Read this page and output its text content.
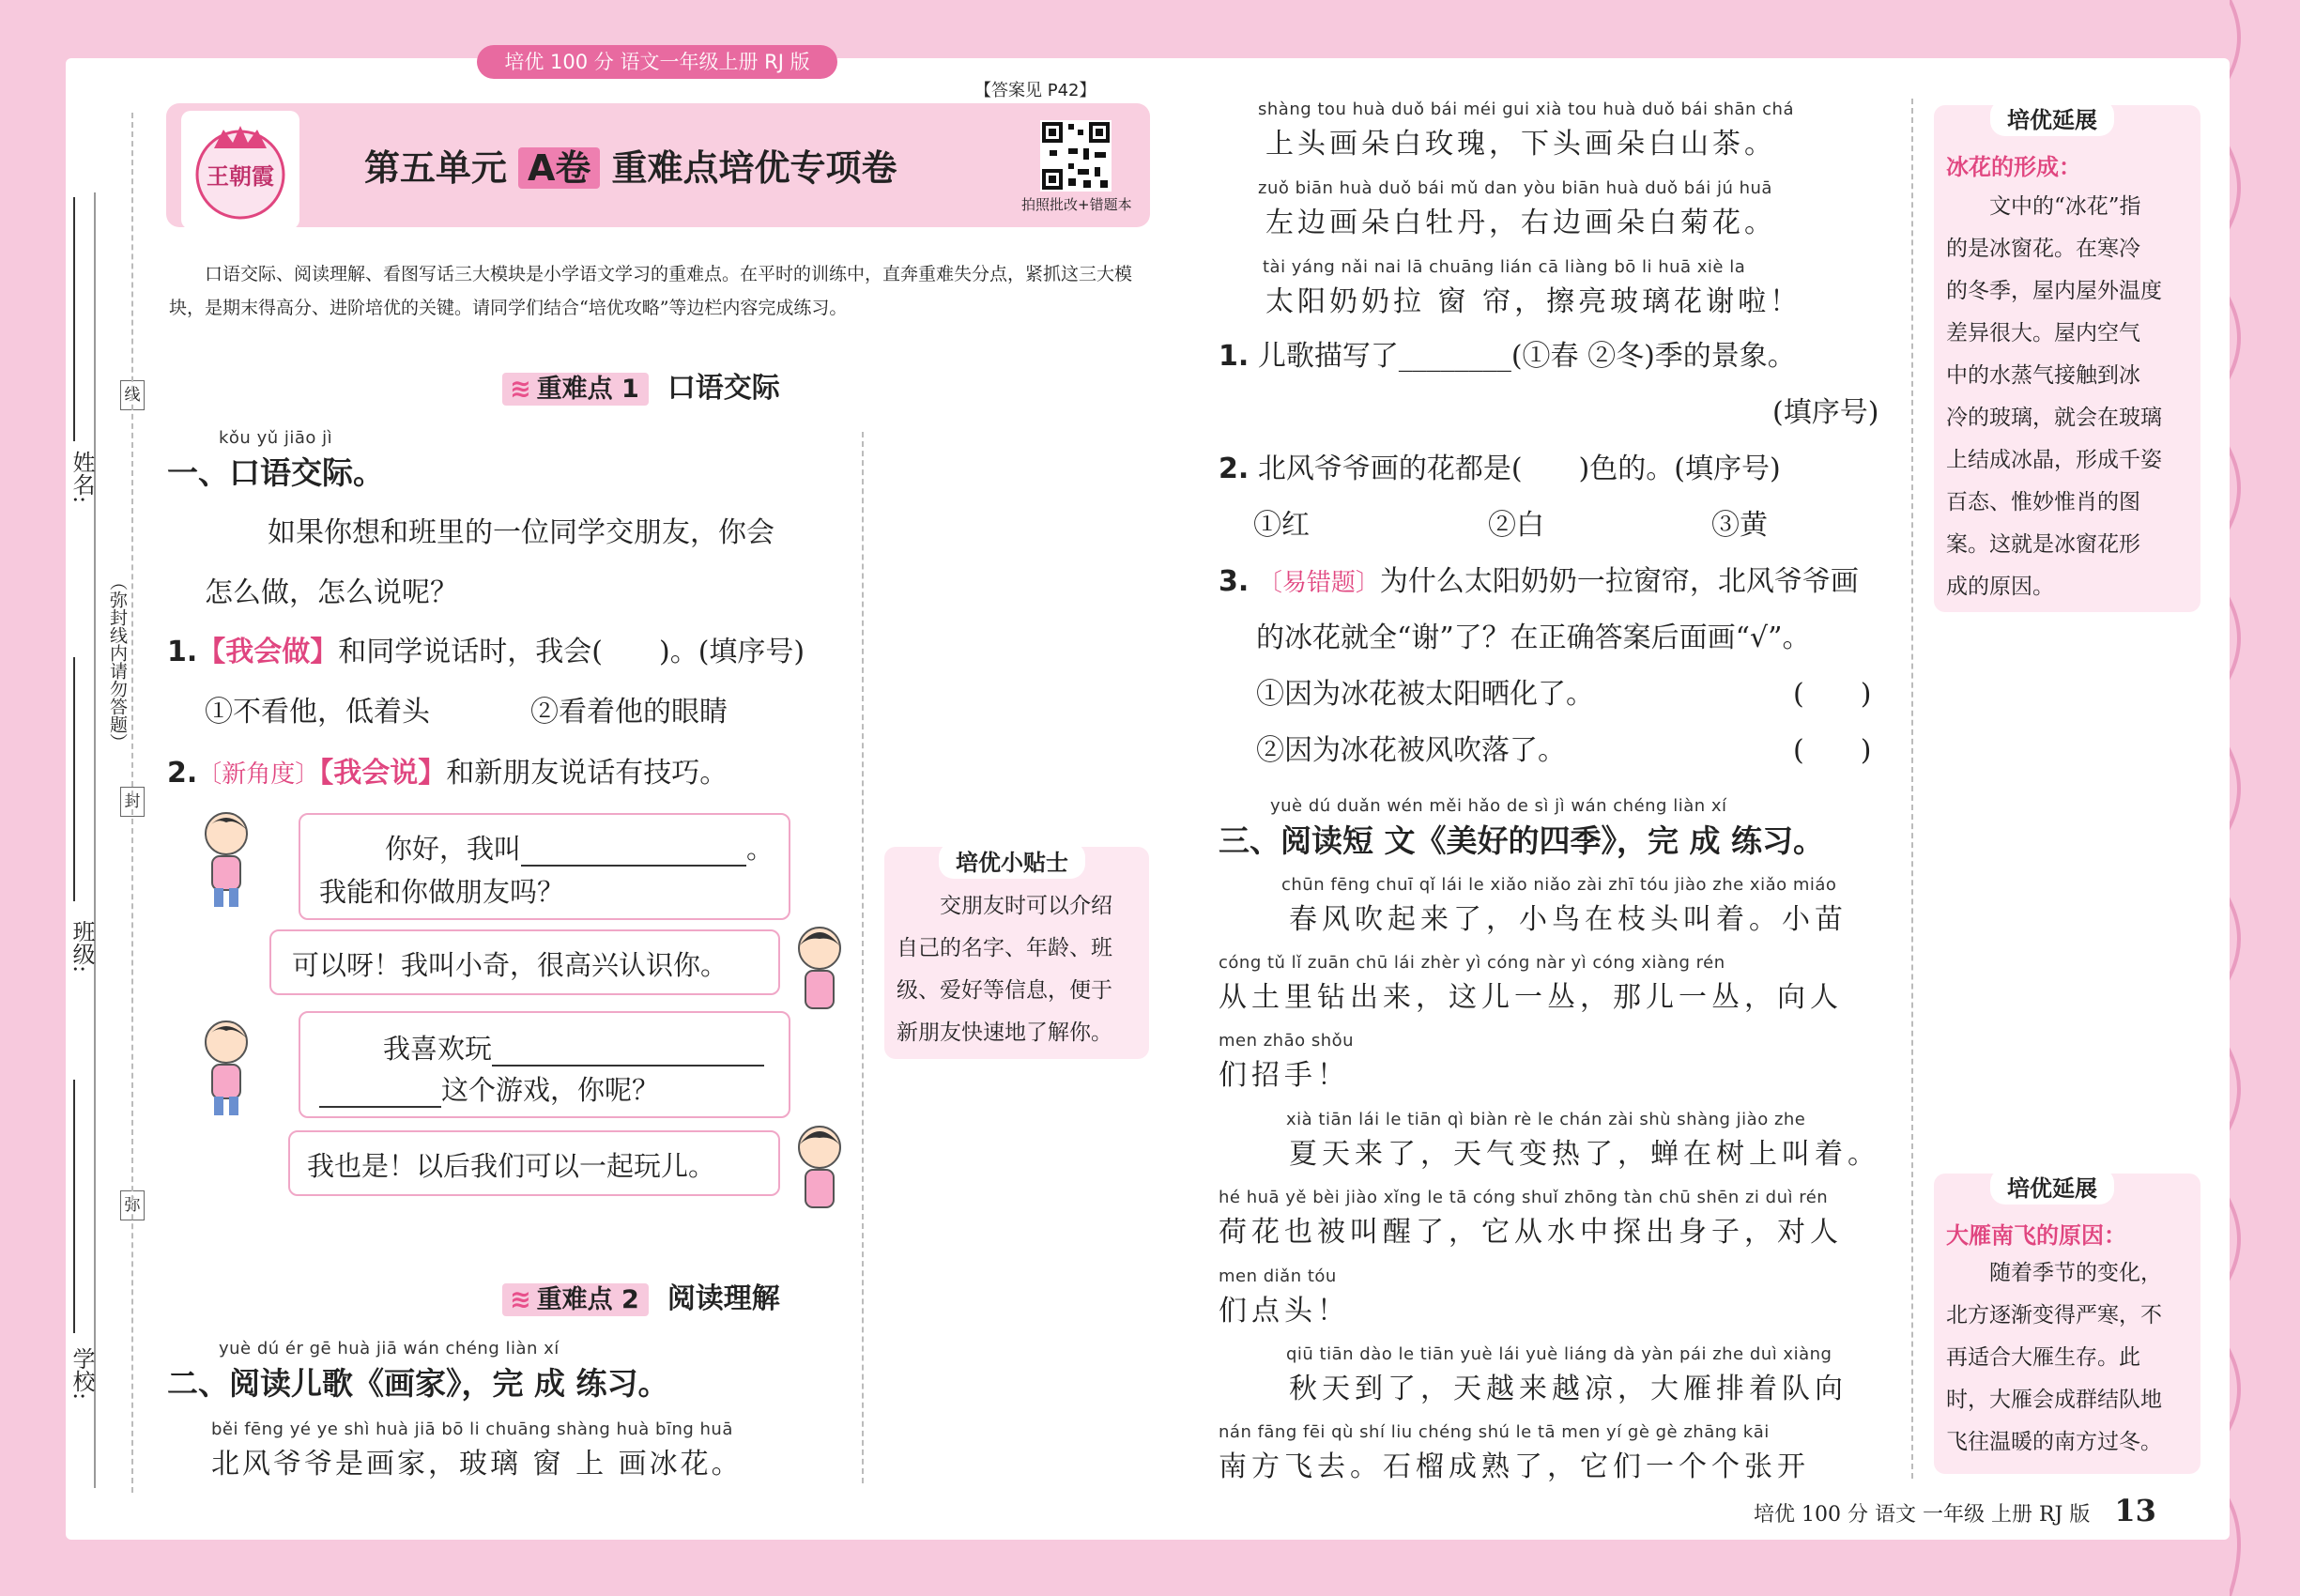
培优 100 分 语文一年级上册 RJ 版
【答案见 P42】
王朝霞	第五单元 A卷 重难点培优专项卷
拍照批改+错题本
口语交际、阅读理解、看图写话三大模块是小学语文学习的重难点。在平时的训练中，直奔重难失分点，紧抓这三大模块，是期末得高分、进阶培优的关键。请同学们结合“培优攻略”等边栏内容完成练习。
姓名:
班级:
学校:
（弥封线内请勿答题）
线
封
弥
≋ 重难点 1 口语交际
kǒu yǔ jiāo jì
一、口语交际。
如果你想和班里的一位同学交朋友，你会
怎么做，怎么说呢？
1.【我会做】和同学说话时，我会(　　)。(填序号)
①不看他，低着头	②看着他的眼睛
2.〔新角度〕【我会说】和新朋友说话有技巧。
你好，我叫	。
我能和你做朋友吗？
可以呀！我叫小奇，很高兴认识你。
我喜欢玩
这个游戏，你呢？
我也是！以后我们可以一起玩儿。
培优小贴士
交朋友时可以介绍
自己的名字、年龄、班
级、爱好等信息，便于
新朋友快速地了解你。
≋ 重难点 2 阅读理解
yuè dú ér gē huà jiā wán chéng liàn xí
二、阅读儿歌《画家》，完 成 练习。
běi fēng yé ye shì huà jiā bō li chuāng shàng huà bīng huā
北风爷爷是画家，玻璃 窗 上 画冰花。
shàng tou huà duǒ bái méi gui xià tou huà duǒ bái shān chá
上头画朵白玫瑰，下头画朵白山茶。
zuǒ biān huà duǒ bái mǔ dan yòu biān huà duǒ bái jú huā
左边画朵白牡丹，右边画朵白菊花。
tài yáng nǎi nai lā chuāng lián cā liàng bō li huā xiè la
太阳奶奶拉 窗 帘，擦亮玻璃花谢啦！
1. 儿歌描写了________(①春 ②冬)季的景象。
(填序号)
2. 北风爷爷画的花都是(　　)色的。(填序号)
①红	②白	③黄
3. 〔易错题〕为什么太阳奶奶一拉窗帘，北风爷爷画
的冰花就全“谢”了？在正确答案后面画“√”。
①因为冰花被太阳晒化了。	(　　)
②因为冰花被风吹落了。	(　　)
yuè dú duǎn wén měi hǎo de sì jì wán chéng liàn xí
三、阅读短 文《美好的四季》，完 成 练习。
chūn fēng chuī qǐ lái le xiǎo niǎo zài zhī tóu jiào zhe xiǎo miáo
春风吹起来了，小鸟在枝头叫着。小苗
cóng tǔ lǐ zuān chū lái zhèr yì cóng nàr yì cóng xiàng rén
从土里钻出来，这儿一丛，那儿一丛，向人
men zhāo shǒu
们招手！
xià tiān lái le tiān qì biàn rè le chán zài shù shàng jiào zhe
夏天来了，天气变热了，蝉在树上叫着。
hé huā yě bèi jiào xǐng le tā cóng shuǐ zhōng tàn chū shēn zi duì rén
荷花也被叫醒了，它从水中探出身子，对人
men diǎn tóu
们点头！
qiū tiān dào le tiān yuè lái yuè liáng dà yàn pái zhe duì xiàng
秋天到了，天越来越凉，大雁排着队向
nán fāng fēi qù shí liu chéng shú le tā men yí gè gè zhāng kāi
南方飞去。石榴成熟了，它们一个个张开
培优延展
冰花的形成：
文中的“冰花”指
的是冰窗花。在寒冷
的冬季，屋内屋外温度
差异很大。屋内空气
中的水蒸气接触到冰
冷的玻璃，就会在玻璃
上结成冰晶，形成千姿
百态、惟妙惟肖的图
案。这就是冰窗花形
成的原因。
培优延展
大雁南飞的原因：
随着季节的变化，
北方逐渐变得严寒，不
再适合大雁生存。此
时，大雁会成群结队地
飞往温暖的南方过冬。
培优 100 分 语文 一年级 上册 RJ 版 13
